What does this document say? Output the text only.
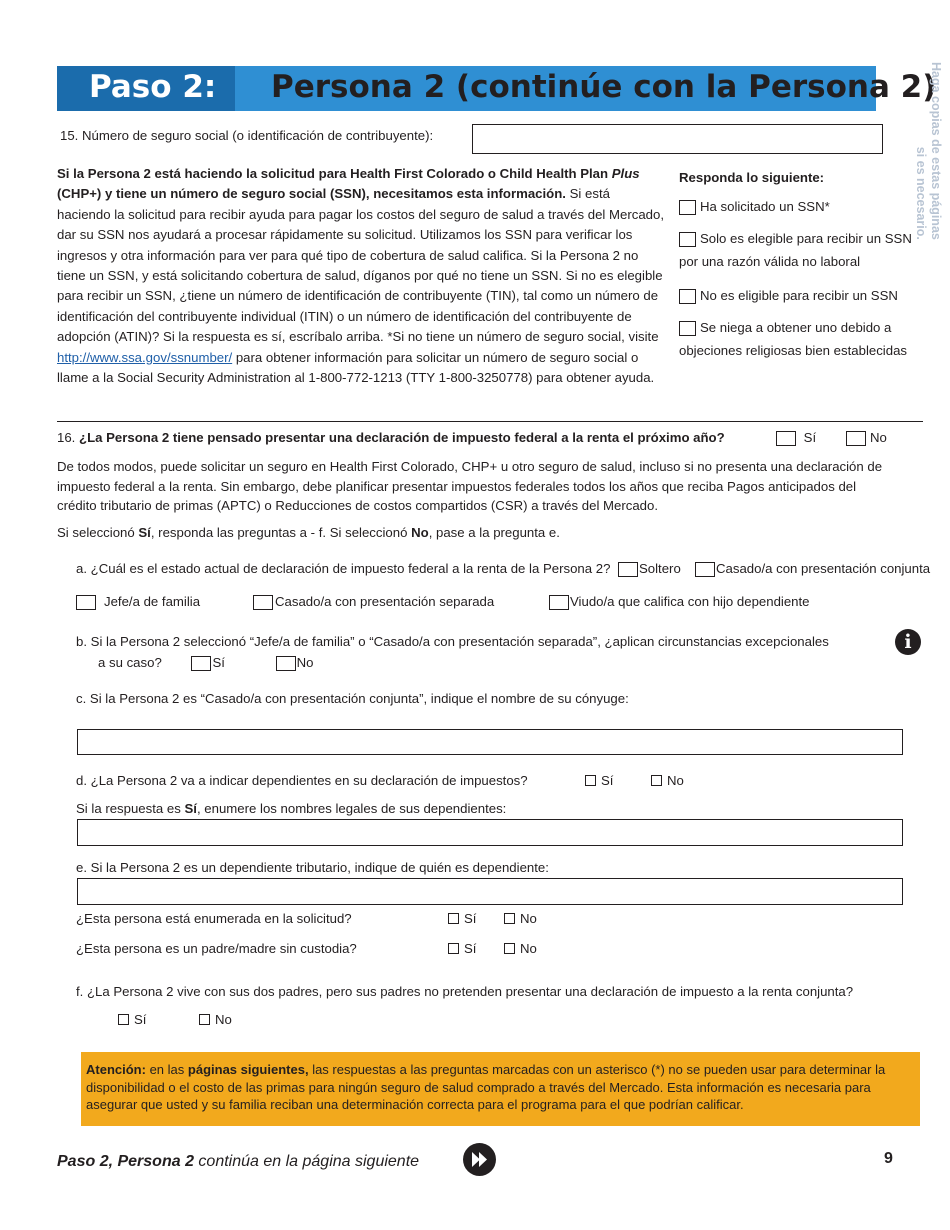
Paso 2: Persona 2 (continúe con la Persona 2)
Haga copias de estas páginas
si es necesario.
15. Número de seguro social (o identificación de contribuyente):
Si la Persona 2 está haciendo la solicitud para Health First Colorado o Child Health Plan Plus (CHP+) y tiene un número de seguro social (SSN), necesitamos esta información. Si está haciendo la solicitud para recibir ayuda para pagar los costos del seguro de salud a través del Mercado, dar su SSN nos ayudará a procesar rápidamente su solicitud. Utilizamos los SSN para verificar los ingresos y otra información para ver para qué tipo de cobertura de salud califica. Si la Persona 2 no tiene un SSN, y está solicitando cobertura de salud, díganos por qué no tiene un SSN. Si no es elegible para recibir un SSN, ¿tiene un número de identificación de contribuyente (TIN), tal como un número de identificación del contribuyente individual (ITIN) o un número de identificación del contribuyente de adopción (ATIN)? Si la respuesta es sí, escríbalo arriba. *Si no tiene un número de seguro social, visite http://www.ssa.gov/ssnumber/ para obtener información para solicitar un número de seguro social o llame a la Social Security Administration al 1-800-772-1213 (TTY 1-800-3250778) para obtener ayuda.
Responda lo siguiente:
Ha solicitado un SSN*
Solo es elegible para recibir un SSN por una razón válida no laboral
No es eligible para recibir un SSN
Se niega a obtener uno debido a objeciones religiosas bien establecidas
16. ¿La Persona 2 tiene pensado presentar una declaración de impuesto federal a la renta el próximo año?	Sí	No
De todos modos, puede solicitar un seguro en Health First Colorado, CHP+ u otro seguro de salud, incluso si no presenta una declaración de impuesto federal a la renta. Sin embargo, debe planificar presentar impuestos federales todos los años que reciba Pagos anticipados del crédito tributario de primas (APTC) o Reducciones de costos compartidos (CSR) a través del Mercado.
Si seleccionó Sí, responda las preguntas a - f. Si seleccionó No, pase a la pregunta e.
a. ¿Cuál es el estado actual de declaración de impuesto federal a la renta de la Persona 2?	Soltero	Casado/a con presentación conjunta
Jefe/a de familia	Casado/a con presentación separada	Viudo/a que califica con hijo dependiente
b. Si la Persona 2 seleccionó “Jefe/a de familia” o “Casado/a con presentación separada”, ¿aplican circunstancias excepcionales
a su caso?	Sí	No
i
c. Si la Persona 2 es “Casado/a con presentación conjunta”, indique el nombre de su cónyuge:
d. ¿La Persona 2 va a indicar dependientes en su declaración de impuestos?	Sí	No
Si la respuesta es Sí, enumere los nombres legales de sus dependientes:
e. Si la Persona 2 es un dependiente tributario, indique de quién es dependiente:
¿Esta persona está enumerada en la solicitud?	Sí	No
¿Esta persona es un padre/madre sin custodia?	Sí	No
f. ¿La Persona 2 vive con sus dos padres, pero sus padres no pretenden presentar una declaración de impuesto a la renta conjunta?
Sí	No
Atención: en las páginas siguientes, las respuestas a las preguntas marcadas con un asterisco (*) no se pueden usar para determinar la disponibilidad o el costo de las primas para ningún seguro de salud comprado a través del Mercado. Esta información es necesaria para asegurar que usted y su familia reciban una determinación correcta para el programa para el que podrían calificar.
Paso 2, Persona 2 continúa en la página siguiente	9
